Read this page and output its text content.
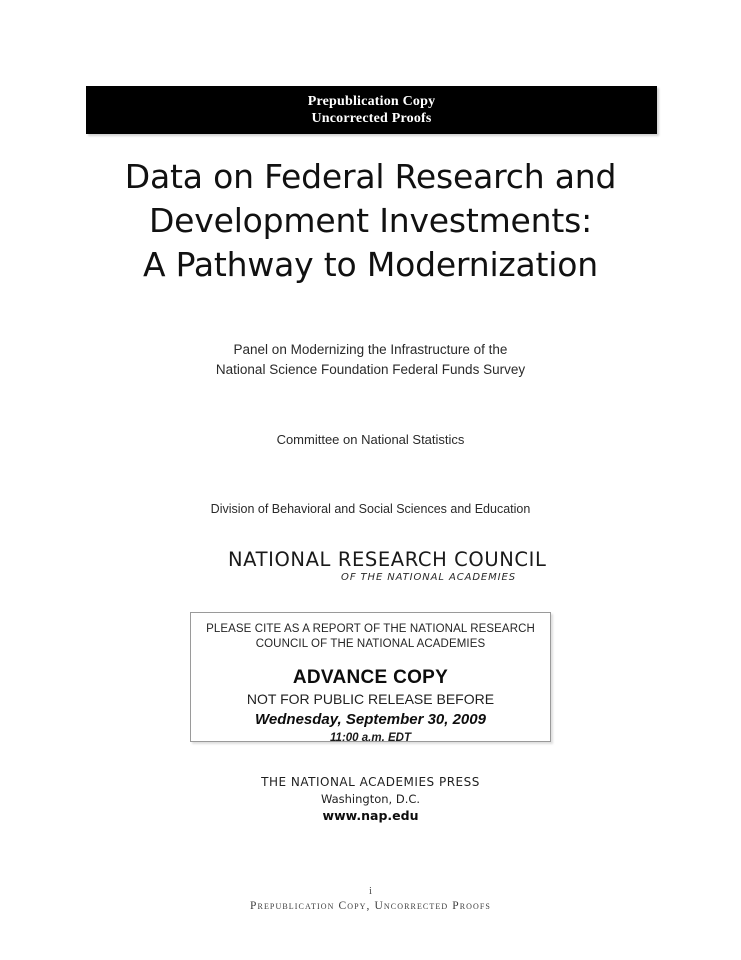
Prepublication Copy
Uncorrected Proofs
Data on Federal Research and
Development Investments:
A Pathway to Modernization
Panel on Modernizing the Infrastructure of the
National Science Foundation Federal Funds Survey
Committee on National Statistics
Division of Behavioral and Social Sciences and Education
NATIONAL RESEARCH COUNCIL
OF THE NATIONAL ACADEMIES
PLEASE CITE AS A REPORT OF THE NATIONAL RESEARCH
COUNCIL OF THE NATIONAL ACADEMIES
ADVANCE COPY
NOT FOR PUBLIC RELEASE BEFORE
Wednesday, September 30, 2009
11:00 a.m. EDT
THE NATIONAL ACADEMIES PRESS
Washington, D.C.
www.nap.edu
i
Prepublication Copy, Uncorrected Proofs
